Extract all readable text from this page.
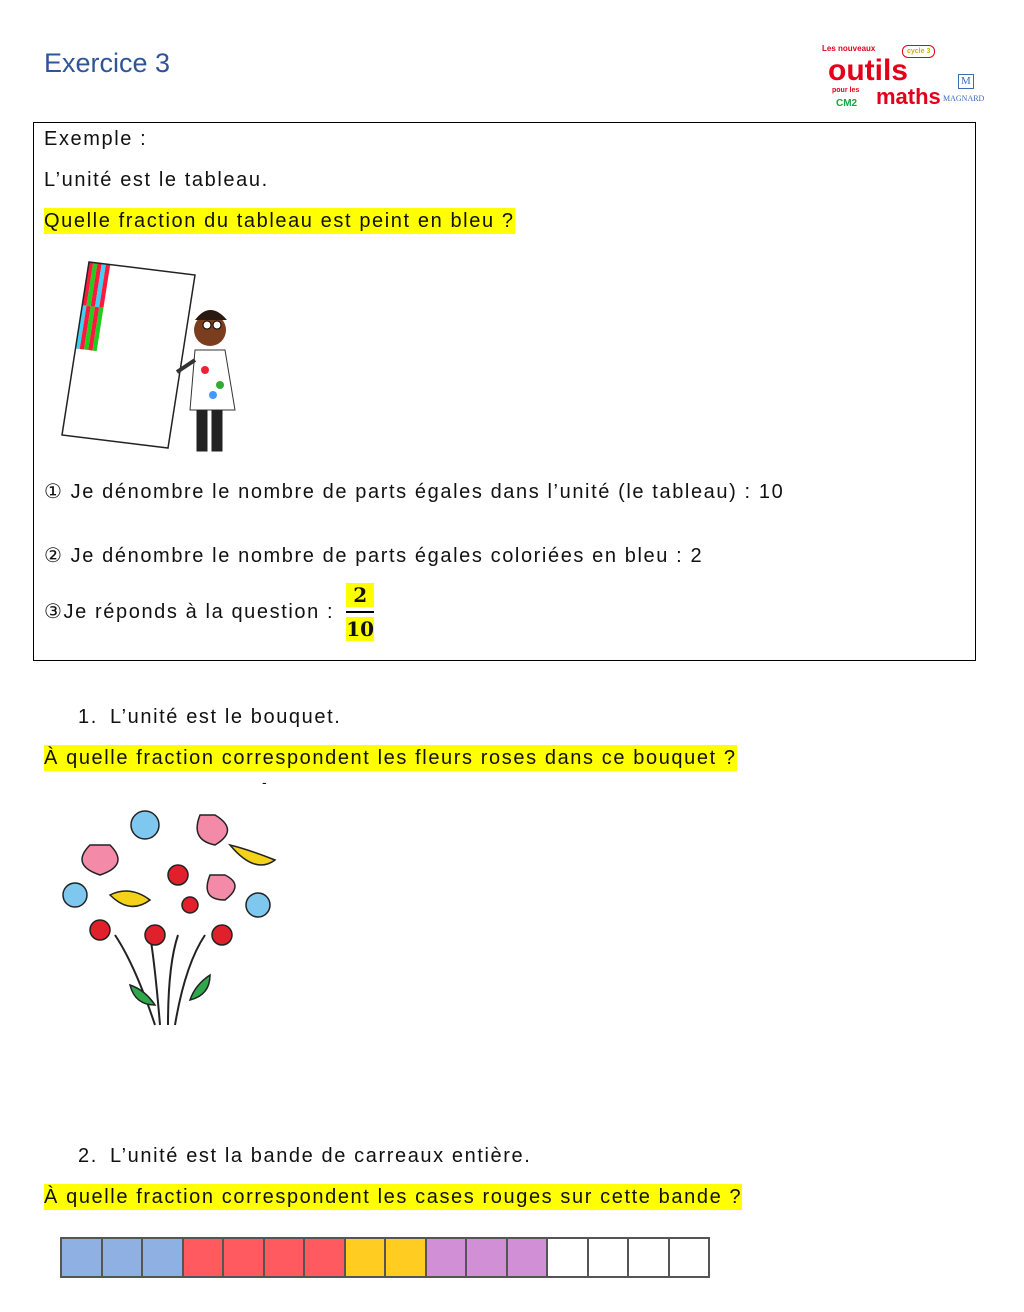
Exercice 3	Les nouveaux	cycle 3
outils
pour les maths
CM2
M
MAGNARD
Exemple :
L’unité est le tableau.
Quelle fraction du tableau est peint en bleu ?
① Je dénombre le nombre de parts égales dans l’unité (le tableau) : 10
② Je dénombre le nombre de parts égales coloriées en bleu : 2
③Je réponds à la question : $\frac{2}{10}$
1. L’unité est le bouquet.
À quelle fraction correspondent les fleurs roses dans ce bouquet ?
-
2. L’unité est la bande de carreaux entière.
À quelle fraction correspondent les cases rouges sur cette bande ?
